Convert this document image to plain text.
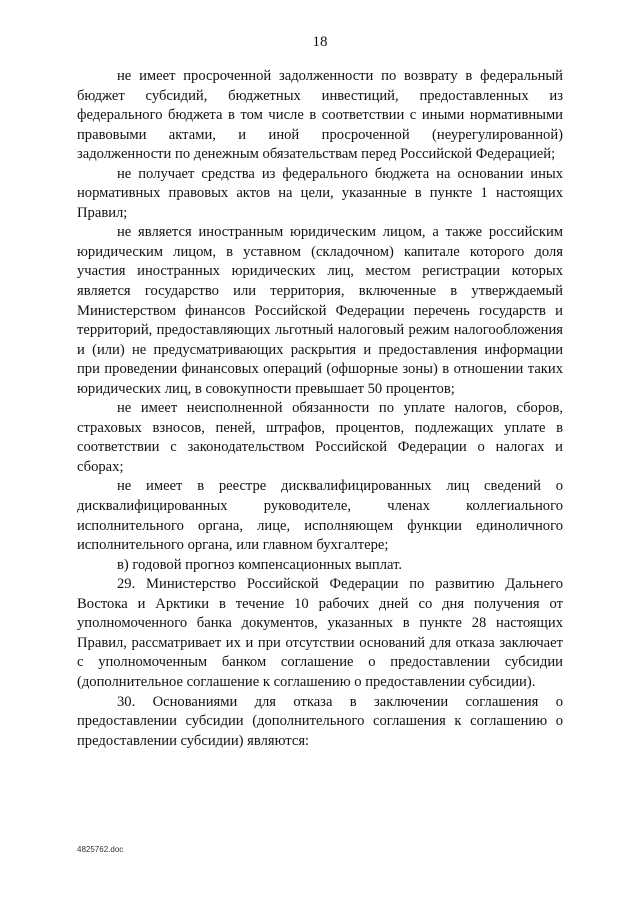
18

не имеет просроченной задолженности по возврату в федеральный бюджет субсидий, бюджетных инвестиций, предоставленных из федерального бюджета в том числе в соответствии с иными нормативными правовыми актами, и иной просроченной (неурегулированной) задолженности по денежным обязательствам перед Российской Федерацией;

не получает средства из федерального бюджета на основании иных нормативных правовых актов на цели, указанные в пункте 1 настоящих Правил;

не является иностранным юридическим лицом, а также российским юридическим лицом, в уставном (складочном) капитале которого доля участия иностранных юридических лиц, местом регистрации которых является государство или территория, включенные в утверждаемый Министерством финансов Российской Федерации перечень государств и территорий, предоставляющих льготный налоговый режим налогообложения и (или) не предусматривающих раскрытия и предоставления информации при проведении финансовых операций (офшорные зоны) в отношении таких юридических лиц, в совокупности превышает 50 процентов;

не имеет неисполненной обязанности по уплате налогов, сборов, страховых взносов, пеней, штрафов, процентов, подлежащих уплате в соответствии с законодательством Российской Федерации о налогах и сборах;

не имеет в реестре дисквалифицированных лиц сведений о дисквалифицированных руководителе, членах коллегиального исполнительного органа, лице, исполняющем функции единоличного исполнительного органа, или главном бухгалтере;

в) годовой прогноз компенсационных выплат.

29. Министерство Российской Федерации по развитию Дальнего Востока и Арктики в течение 10 рабочих дней со дня получения от уполномоченного банка документов, указанных в пункте 28 настоящих Правил, рассматривает их и при отсутствии оснований для отказа заключает с уполномоченным банком соглашение о предоставлении субсидии (дополнительное соглашение к соглашению о предоставлении субсидии).

30. Основаниями для отказа в заключении соглашения о предоставлении субсидии (дополнительного соглашения к соглашению о предоставлении субсидии) являются:

4825762.doc
